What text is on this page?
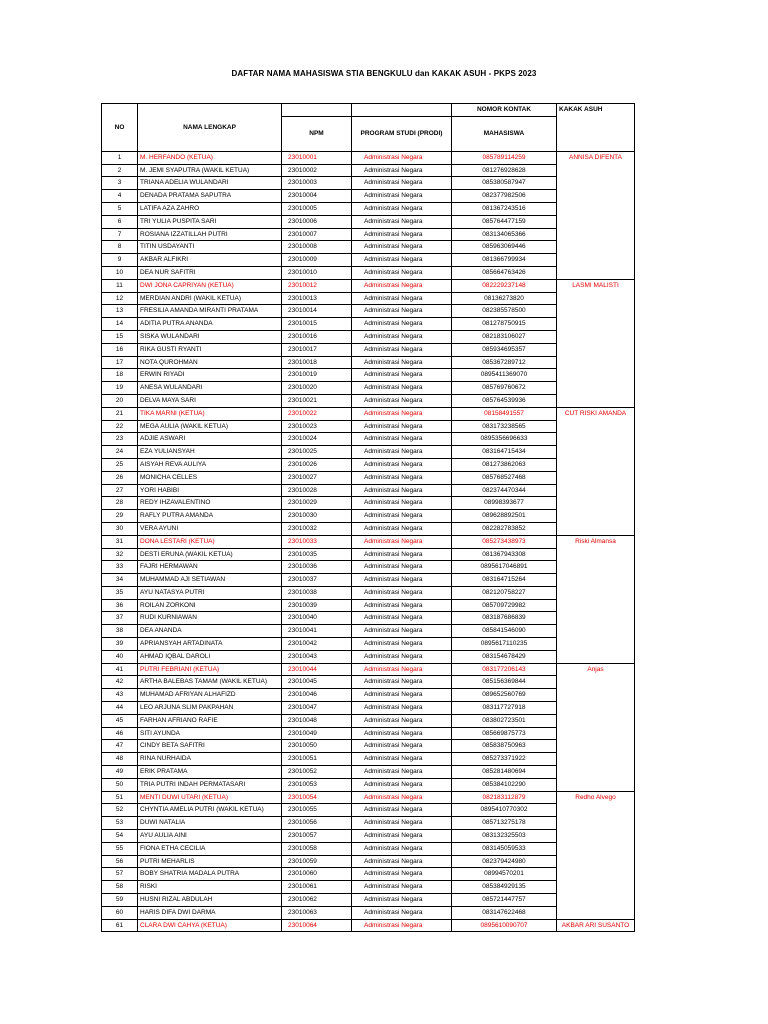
DAFTAR NAMA MAHASISWA STIA BENGKULU dan KAKAK ASUH - PKPS 2023
NO	NAMA LENGKAP			NOMOR KONTAK	KAKAK ASUH
		NPM	PROGRAM STUDI (PRODI)	MAHASISWA	

1	M. HERFANDO (KETUA)	23010001	Administrasi Negara	085789114259	ANNISA DIFENTA
2	M. JEMI SYAPUTRA (WAKIL KETUA)	23010002	Administrasi Negara	081276928628	
3	TRIANA ADELIA WULANDARI	23010003	Administrasi Negara	085380587947	
4	DENADA PRATAMA SAPUTRA	23010004	Administrasi Negara	082377982506	
5	LATIFA AZA ZAHRO	23010005	Administrasi Negara	081367243516	
6	TRI YULIA PUSPITA SARI	23010006	Administrasi Negara	085764477159	
7	ROSIANA IZZATILLAH PUTRI	23010007	Administrasi Negara	083134065366	
8	TITIN USDAYANTI	23010008	Administrasi Negara	085963069446	
9	AKBAR ALFIKRI	23010009	Administrasi Negara	081366799934	
10	DEA NUR SAFITRI	23010010	Administrasi Negara	085664763426	
11	DWI JONA CAPRIYAN (KETUA)	23010012	Administrasi Negara	082229237148	LASMI MALISTI
12	MERDIAN ANDRI (WAKIL KETUA)	23010013	Administrasi Negara	08136273820	
13	FRESILIA AMANDA MIRANTI PRATAMA	23010014	Administrasi Negara	082385578500	
14	ADITIA PUTRA ANANDA	23010015	Administrasi Negara	081278750915	
15	SISKA WULANDARI	23010016	Administrasi Negara	082183106027	
16	RIKA GUSTI RYANTI	23010017	Administrasi Negara	085934695357	
17	NOTA QUROHMAN	23010018	Administrasi Negara	085367289712	
18	ERWIN RIYADI	23010019	Administrasi Negara	0895411369070	
19	ANESA WULANDARI	23010020	Administrasi Negara	085769760672	
20	DELVA MAYA SARI	23010021	Administrasi Negara	085764539936	
21	TIKA MARNI (KETUA)	23010022	Administrasi Negara	08158491557	CUT RISKI AMANDA
22	MEGA AULIA (WAKIL KETUA)	23010023	Administrasi Negara	083173238565	
23	ADJIE ASWARI	23010024	Administrasi Negara	0895356696633	
24	EZA YULIANSYAH	23010025	Administrasi Negara	083164715434	
25	AISYAH REVA AULIYA	23010026	Administrasi Negara	081273862063	
26	MONICHA CELLES	23010027	Administrasi Negara	085768527468	
27	YORI HABIBI	23010028	Administrasi Negara	082374470344	
28	REDY IHZAVALENTINO	23010029	Administrasi Negara	08998393677	
29	RAFLY PUTRA AMANDA	23010030	Administrasi Negara	089628892501	
30	VERA AYUNI	23010032	Administrasi Negara	082282783852	
31	DONA LESTARI (KETUA)	23010033	Administrasi Negara	085273438973	Riski Almansa
32	DESTI ERUNA (WAKIL KETUA)	23010035	Administrasi Negara	081367943308	
33	FAJRI HERMAWAN	23010036	Administrasi Negara	0895617046891	
34	MUHAMMAD AJI SETIAWAN	23010037	Administrasi Negara	083164715264	
35	AYU NATASYA PUTRI	23010038	Administrasi Negara	082120758227	
36	ROILAN ZORKONI	23010039	Administrasi Negara	085709729982	
37	RUDI KURNIAWAN	23010040	Administrasi Negara	083187686839	
38	DEA ANANDA	23010041	Administrasi Negara	085841546090	
39	APRIANSYAH ARTADINATA	23010042	Administrasi Negara	0895617110235	
40	AHMAD IQBAL DAROLI	23010043	Administrasi Negara	083154678429	
41	PUTRI FEBRIANI (KETUA)	23010044	Administrasi Negara	083177206143	Anjas
42	ARTHA BALEBAS TAMAM (WAKIL KETUA)	23010045	Administrasi Negara	085156369844	
43	MUHAMAD AFRIYAN ALHAFIZD	23010046	Administrasi Negara	089652560769	
44	LEO ARJUNA SLIM PAKPAHAN	23010047	Administrasi Negara	083117727918	
45	FARHAN AFRIANO RAFIE	23010048	Administrasi Negara	083802723501	
46	SITI AYUNDA	23010049	Administrasi Negara	085669875773	
47	CINDY BETA SAFITRI	23010050	Administrasi Negara	085838750963	
48	RINA NURHAIDA	23010051	Administrasi Negara	085273371922	
49	ERIK PRATAMA	23010052	Administrasi Negara	085281480694	
50	TRIA PUTRI INDAH PERMATASARI	23010053	Administrasi Negara	085384102290	
51	MENTI DUWI UTARI (KETUA)	23010054	Administrasi Negara	082183112879	Redho Alvego
52	CHYNTIA AMELIA PUTRI (WAKIL KETUA)	23010055	Administrasi Negara	0895410770302	
53	DUWI NATALIA	23010056	Administrasi Negara	085713275178	
54	AYU AULIA AINI	23010057	Administrasi Negara	083132325503	
55	FIONA ETHA CECILIA	23010058	Administrasi Negara	083145059533	
56	PUTRI MEHARLIS	23010059	Administrasi Negara	082379424980	
57	BOBY SHATRIA MADALA PUTRA	23010060	Administrasi Negara	08994570201	
58	RISKI	23010061	Administrasi Negara	085384929135	
59	HUSNI RIZAL ABDULAH	23010062	Administrasi Negara	085721447757	
60	HARIS DIFA DWI DARMA	23010063	Administrasi Negara	083147622468	
61	CLARA DWI CAHYA (KETUA)	23010064	Administrasi Negara	0895610090707	AKBAR ARI SUSANTO
